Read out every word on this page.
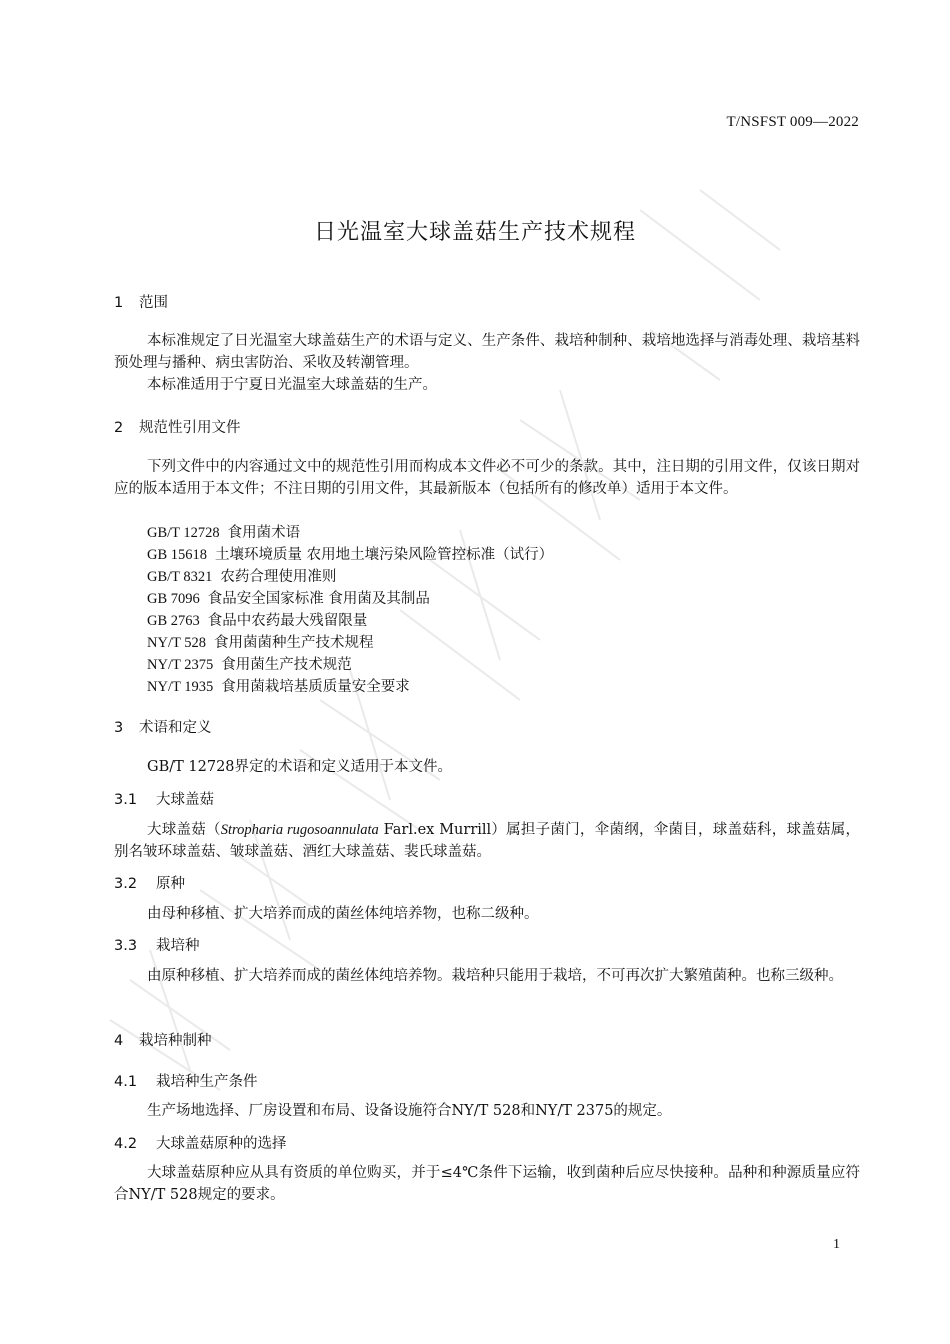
T/NSFST 009—2022
日光温室大球盖菇生产技术规程
1 范围

本标准规定了日光温室大球盖菇生产的术语与定义、生产条件、栽培种制种、栽培地选择与消毒处理、栽培基料预处理与播种、病虫害防治、采收及转潮管理。

本标准适用于宁夏日光温室大球盖菇的生产。

2 规范性引用文件

下列文件中的内容通过文中的规范性引用而构成本文件必不可少的条款。其中，注日期的引用文件，仅该日期对应的版本适用于本文件；不注日期的引用文件，其最新版本（包括所有的修改单）适用于本文件。

GB/T 12728 食用菌术语
GB 15618 土壤环境质量 农用地土壤污染风险管控标准（试行）
GB/T 8321 农药合理使用准则
GB 7096 食品安全国家标准 食用菌及其制品
GB 2763 食品中农药最大残留限量
NY/T 528 食用菌菌种生产技术规程
NY/T 2375 食用菌生产技术规范
NY/T 1935 食用菌栽培基质质量安全要求
3 术语和定义

GB/T 12728界定的术语和定义适用于本文件。

3.1 大球盖菇

大球盖菇（Stropharia rugosoannulata Farl.ex Murrill）属担子菌门，伞菌纲，伞菌目，球盖菇科，球盖菇属，别名皱环球盖菇、皱球盖菇、酒红大球盖菇、裴氏球盖菇。

3.2 原种

由母种移植、扩大培养而成的菌丝体纯培养物，也称二级种。

3.3 栽培种

由原种移植、扩大培养而成的菌丝体纯培养物。栽培种只能用于栽培，不可再次扩大繁殖菌种。也称三级种。

4 栽培种制种
4.1 栽培种生产条件

生产场地选择、厂房设置和布局、设备设施符合NY/T 528和NY/T 2375的规定。

4.2 大球盖菇原种的选择

大球盖菇原种应从具有资质的单位购买，并于≤4℃条件下运输，收到菌种后应尽快接种。品种和种源质量应符合NY/T 528规定的要求。

1
